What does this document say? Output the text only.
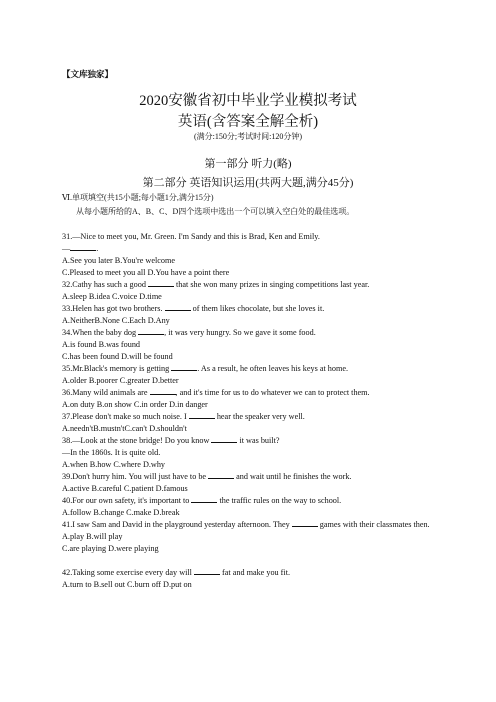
【文库独家】
2020安徽省初中毕业学业模拟考试
英语(含答案全解全析)
(满分:150分;考试时间:120分钟)
第一部分 听力(略)
第二部分 英语知识运用(共两大题,满分45分)
Ⅵ.单项填空(共15小题;每小题1分,满分15分)
从每小题所给的A、B、C、D四个选项中选出一个可以填入空白处的最佳选项。
31.—Nice to meet you, Mr. Green. I'm Sandy and this is Brad, Ken and Emily.
—	.
A.See you later B.You're welcome
C.Pleased to meet you all D.You have a point there
32.Cathy has such a good	that she won many prizes in singing competitions last year.
A.sleep B.idea C.voice D.time
33.Helen has got two brothers.	of them likes chocolate, but she loves it.
A.NeitherB.None C.Each D.Any
34.When the baby dog	, it was very hungry. So we gave it some food.
A.is found B.was found
C.has been found D.will be found
35.Mr.Black's memory is getting	. As a result, he often leaves his keys at home.
A.older B.poorer C.greater D.better
36.Many wild animals are	, and it's time for us to do whatever we can to protect them.
A.on duty B.on show C.in order D.in danger
37.Please don't make so much noise. I	hear the speaker very well.
A.needn'tB.mustn'tC.can't D.shouldn't
38.—Look at the stone bridge! Do you know	it was built?
—In the 1860s. It is quite old.
A.when B.how C.where D.why
39.Don't hurry him. You will just have to be	and wait until he finishes the work.
A.active B.careful C.patient D.famous
40.For our own safety, it's important to	the traffic rules on the way to school.
A.follow B.change C.make D.break
41.I saw Sam and David in the playground yesterday afternoon. They	games with their classmates then.
A.play B.will play
C.are playing D.were playing
42.Taking some exercise every day will	fat and make you fit.
A.turn to B.sell out C.burn off D.put on
